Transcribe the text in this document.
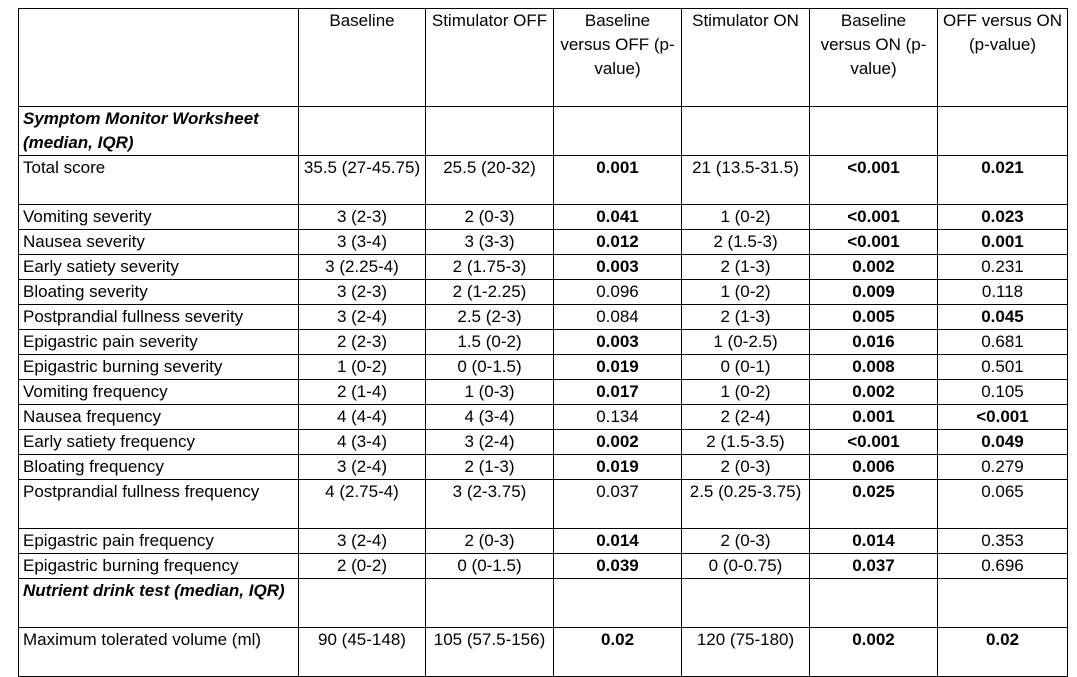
	Baseline	Stimulator OFF	Baseline versus OFF (p-value)	Stimulator ON	Baseline versus ON (p-value)	OFF versus ON (p-value)
Symptom Monitor Worksheet (median, IQR)						
Total score	35.5 (27-45.75)	25.5 (20-32)	0.001	21 (13.5-31.5)	<0.001	0.021
Vomiting severity	3 (2-3)	2 (0-3)	0.041	1 (0-2)	<0.001	0.023
Nausea severity	3 (3-4)	3 (3-3)	0.012	2 (1.5-3)	<0.001	0.001
Early satiety severity	3 (2.25-4)	2 (1.75-3)	0.003	2 (1-3)	0.002	0.231
Bloating severity	3 (2-3)	2 (1-2.25)	0.096	1 (0-2)	0.009	0.118
Postprandial fullness severity	3 (2-4)	2.5 (2-3)	0.084	2 (1-3)	0.005	0.045
Epigastric pain severity	2 (2-3)	1.5 (0-2)	0.003	1 (0-2.5)	0.016	0.681
Epigastric burning severity	1 (0-2)	0 (0-1.5)	0.019	0 (0-1)	0.008	0.501
Vomiting frequency	2 (1-4)	1 (0-3)	0.017	1 (0-2)	0.002	0.105
Nausea frequency	4 (4-4)	4 (3-4)	0.134	2 (2-4)	0.001	<0.001
Early satiety frequency	4 (3-4)	3 (2-4)	0.002	2 (1.5-3.5)	<0.001	0.049
Bloating frequency	3 (2-4)	2 (1-3)	0.019	2 (0-3)	0.006	0.279
Postprandial fullness frequency	4 (2.75-4)	3 (2-3.75)	0.037	2.5 (0.25-3.75)	0.025	0.065
Epigastric pain frequency	3 (2-4)	2 (0-3)	0.014	2 (0-3)	0.014	0.353
Epigastric burning frequency	2 (0-2)	0 (0-1.5)	0.039	0 (0-0.75)	0.037	0.696
Nutrient drink test (median, IQR)						
Maximum tolerated volume (ml)	90 (45-148)	105 (57.5-156)	0.02	120 (75-180)	0.002	0.02
